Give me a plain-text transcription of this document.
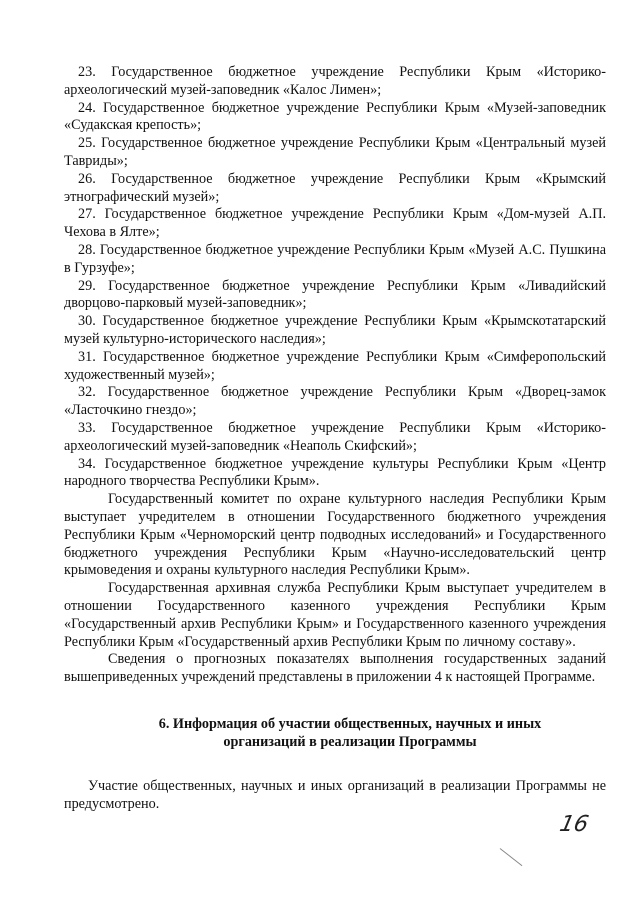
23. Государственное бюджетное учреждение Республики Крым «Историко-археологический музей-заповедник «Калос Лимен»;

24. Государственное бюджетное учреждение Республики Крым «Музей-заповедник «Судакская крепость»;

25. Государственное бюджетное учреждение Республики Крым «Центральный музей Тавриды»;

26. Государственное бюджетное учреждение Республики Крым «Крымский этнографический музей»;

27. Государственное бюджетное учреждение Республики Крым «Дом-музей А.П. Чехова в Ялте»;

28. Государственное бюджетное учреждение Республики Крым «Музей А.С. Пушкина в Гурзуфе»;

29. Государственное бюджетное учреждение Республики Крым «Ливадийский дворцово-парковый музей-заповедник»;

30. Государственное бюджетное учреждение Республики Крым «Крымскотатарский музей культурно-исторического наследия»;

31. Государственное бюджетное учреждение Республики Крым «Симферопольский художественный музей»;

32. Государственное бюджетное учреждение Республики Крым «Дворец-замок «Ласточкино гнездо»;

33. Государственное бюджетное учреждение Республики Крым «Историко-археологический музей-заповедник «Неаполь Скифский»;

34. Государственное бюджетное учреждение культуры Республики Крым «Центр народного творчества Республики Крым».

Государственный комитет по охране культурного наследия Республики Крым выступает учредителем в отношении Государственного бюджетного учреждения Республики Крым «Черноморский центр подводных исследований» и Государственного бюджетного учреждения Республики Крым «Научно-исследовательский центр крымоведения и охраны культурного наследия Республики Крым».

Государственная архивная служба Республики Крым выступает учредителем в отношении Государственного казенного учреждения Республики Крым «Государственный архив Республики Крым» и Государственного казенного учреждения Республики Крым «Государственный архив Республики Крым по личному составу».

Сведения о прогнозных показателях выполнения государственных заданий вышеприведенных учреждений представлены в приложении 4 к настоящей Программе.

6. Информация об участии общественных, научных и иных
организаций в реализации Программы

Участие общественных, научных и иных организаций в реализации Программы не предусмотрено.

16
